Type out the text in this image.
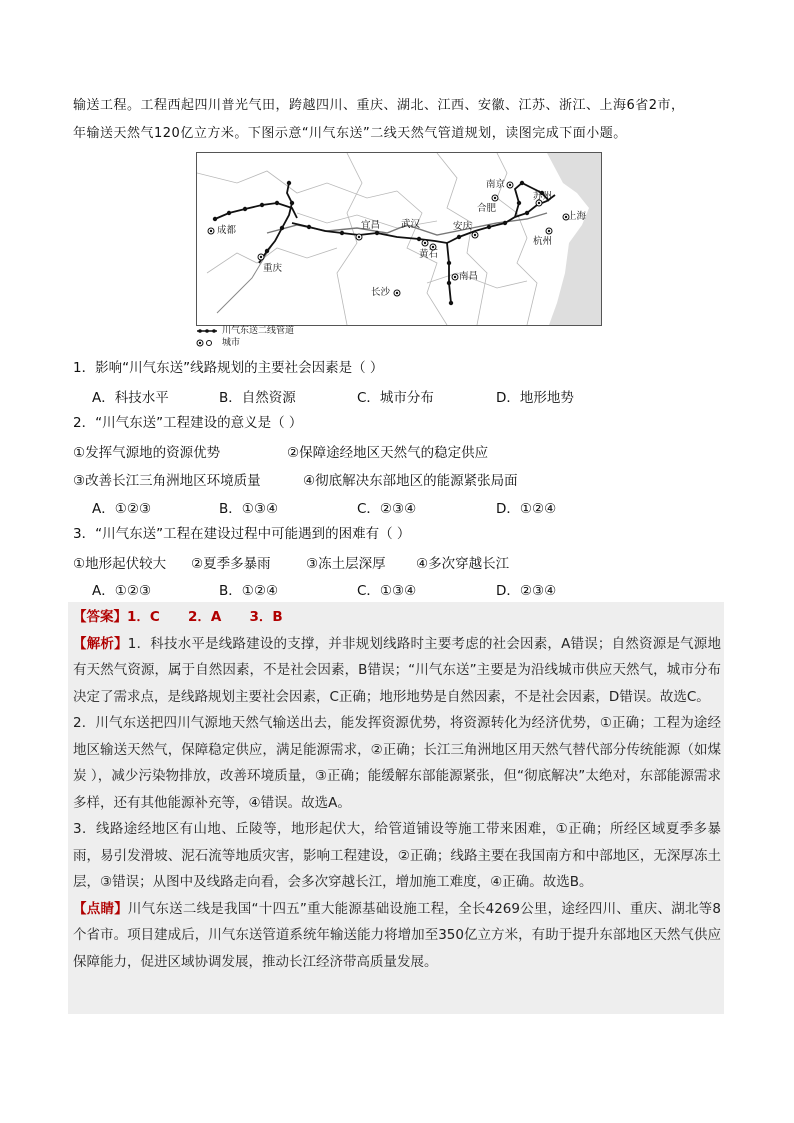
输送工程。工程西起四川普光气田，跨越四川、重庆、湖北、江西、安徽、江苏、浙江、上海6省2市，

年输送天然气120亿立方米。下图示意“川气东送”二线天然气管道规划，读图完成下面小题。

南京
苏州
上海
合肥
成都	宜昌 武汉	安庆
杭州
重庆
黄石
南昌
长沙
川气东送二线管道
城市
1．影响“川气东送”线路规划的主要社会因素是（ ）
A．科技水平	B．自然资源	C．城市分布	D．地形地势
2．“川气东送”工程建设的意义是（ ）
①发挥气源地的资源优势	②保障途经地区天然气的稳定供应
③改善长江三角洲地区环境质量	④彻底解决东部地区的能源紧张局面
A．①②③	B．①③④	C．②③④	D．①②④
3．“川气东送”工程在建设过程中可能遇到的困难有（ ）
①地形起伏较大	②夏季多暴雨	③冻土层深厚	④多次穿越长江
A．①②③	B．①②④	C．①③④	D．②③④

【答案】1．C      2．A      3．B

【解析】1．科技水平是线路建设的支撑，并非规划线路时主要考虑的社会因素，A错误；自然资源是气源地有天然气资源，属于自然因素，不是社会因素，B错误；“川气东送”主要是为沿线城市供应天然气，城市分布决定了需求点，是线路规划主要社会因素，C正确；地形地势是自然因素，不是社会因素，D错误。故选C。

2．川气东送把四川气源地天然气输送出去，能发挥资源优势，将资源转化为经济优势，①正确；工程为途经地区输送天然气，保障稳定供应，满足能源需求，②正确；长江三角洲地区用天然气替代部分传统能源（如煤炭 ），减少污染物排放，改善环境质量，③正确；能缓解东部能源紧张，但“彻底解决”太绝对，东部能源需求多样，还有其他能源补充等，④错误。故选A。

3．线路途经地区有山地、丘陵等，地形起伏大，给管道铺设等施工带来困难，①正确；所经区域夏季多暴雨，易引发滑坡、泥石流等地质灾害，影响工程建设，②正确；线路主要在我国南方和中部地区，无深厚冻土层，③错误；从图中及线路走向看，会多次穿越长江，增加施工难度，④正确。故选B。

【点睛】川气东送二线是我国“十四五”重大能源基础设施工程，全长4269公里，途经四川、重庆、湖北等8个省市。项目建成后，川气东送管道系统年输送能力将增加至350亿立方米，有助于提升东部地区天然气供应保障能力，促进区域协调发展，推动长江经济带高质量发展。
